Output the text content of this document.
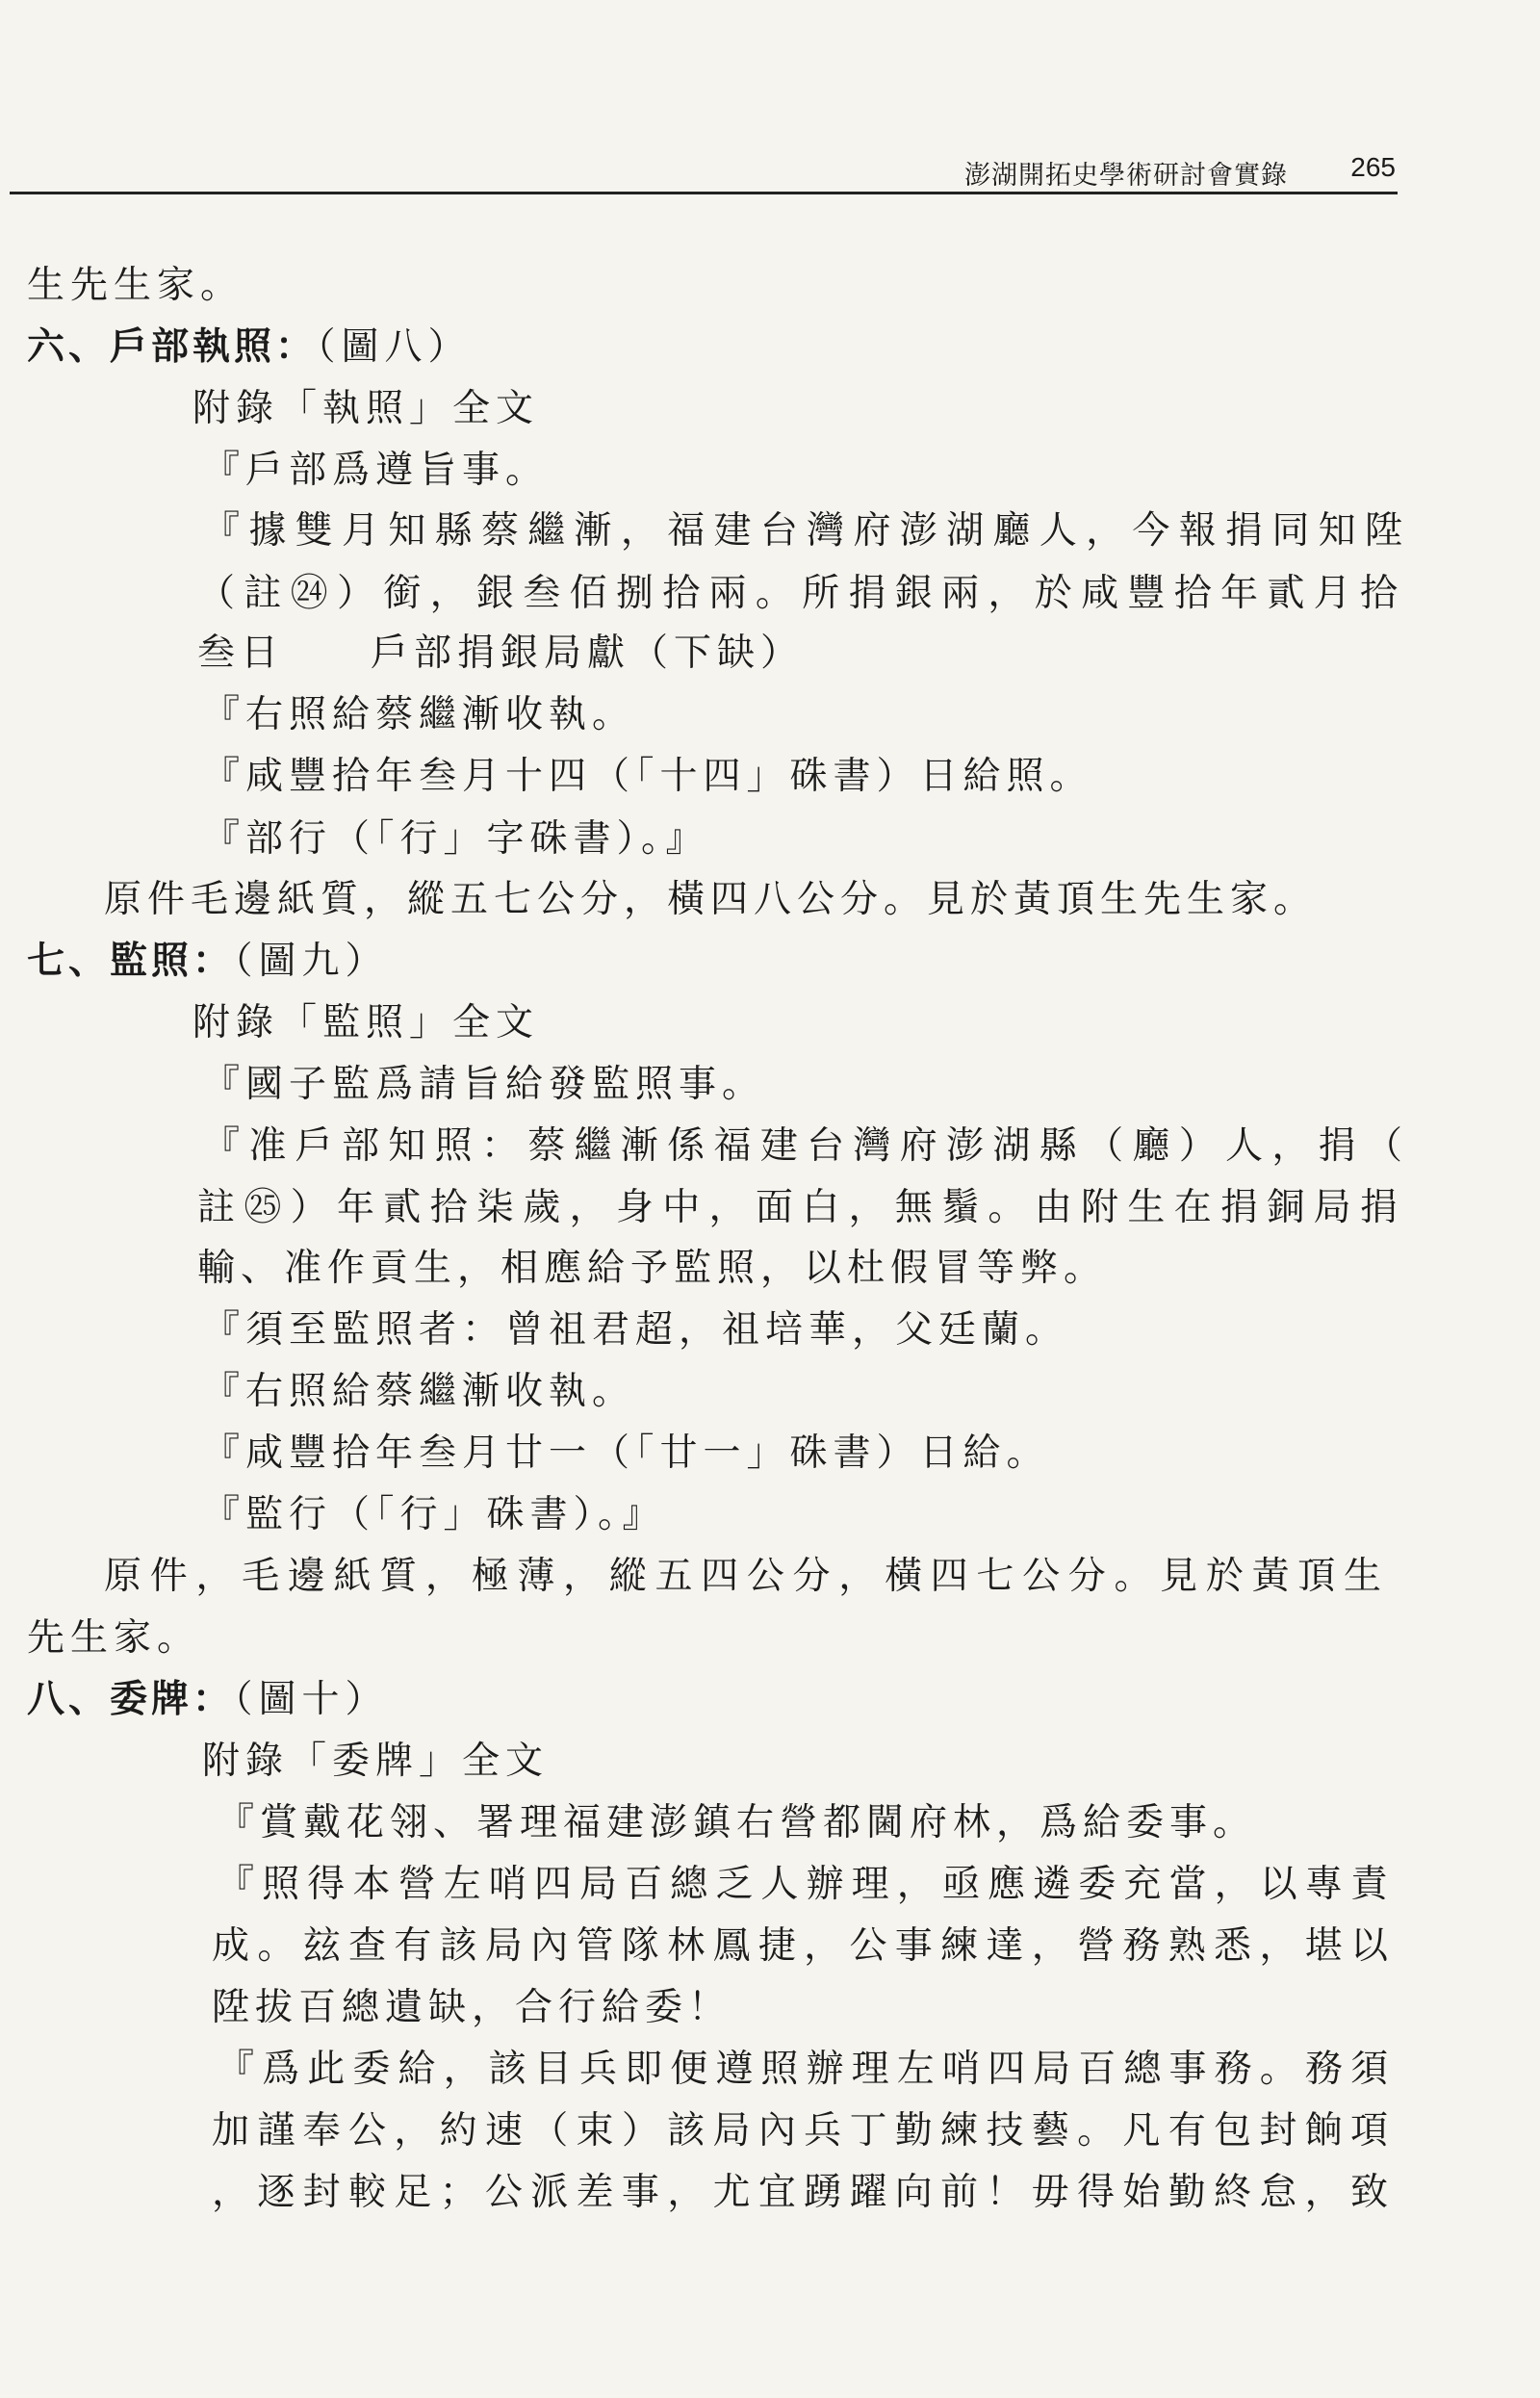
澎湖開拓史學術研討會實錄 265
生先生家。
六、戶部執照：（圖八）
附錄「執照」全文
『戶部爲遵旨事。
『據雙月知縣蔡繼漸，福建台灣府澎湖廳人，今報捐同知陞
（註㉔）銜，銀叁佰捌拾兩。所捐銀兩，於咸豐拾年貳月拾
叁日　　戶部捐銀局獻（下缺）
『右照給蔡繼漸收執。
『咸豐拾年叁月十四（「十四」硃書）日給照。
『部行（「行」字硃書）。』
原件毛邊紙質，縱五七公分，橫四八公分。見於黃頂生先生家。
七、監照：（圖九）
附錄「監照」全文
『國子監爲請旨給發監照事。
『准戶部知照：蔡繼漸係福建台灣府澎湖縣（廳）人，捐（
註㉕）年貳拾柒歲，身中，面白，無鬚。由附生在捐銅局捐
輸、准作貢生，相應給予監照，以杜假冒等弊。
『須至監照者：曾祖君超，祖培華，父廷蘭。
『右照給蔡繼漸收執。
『咸豐拾年叁月廿一（「廿一」硃書）日給。
『監行（「行」硃書）。』
原件，毛邊紙質，極薄，縱五四公分，橫四七公分。見於黃頂生
先生家。
八、委牌：（圖十）
附錄「委牌」全文
『賞戴花翎、署理福建澎鎮右營都閫府林，爲給委事。
『照得本營左哨四局百總乏人辦理，亟應遴委充當，以專責
成。玆查有該局內管隊林鳳捷，公事練達，營務熟悉，堪以
陞拔百總遺缺，合行給委！
『爲此委給，該目兵即便遵照辦理左哨四局百總事務。務須
加謹奉公，約速（束）該局內兵丁勤練技藝。凡有包封餉項
，逐封較足；公派差事，尤宜踴躍向前！毋得始勤終怠，致
